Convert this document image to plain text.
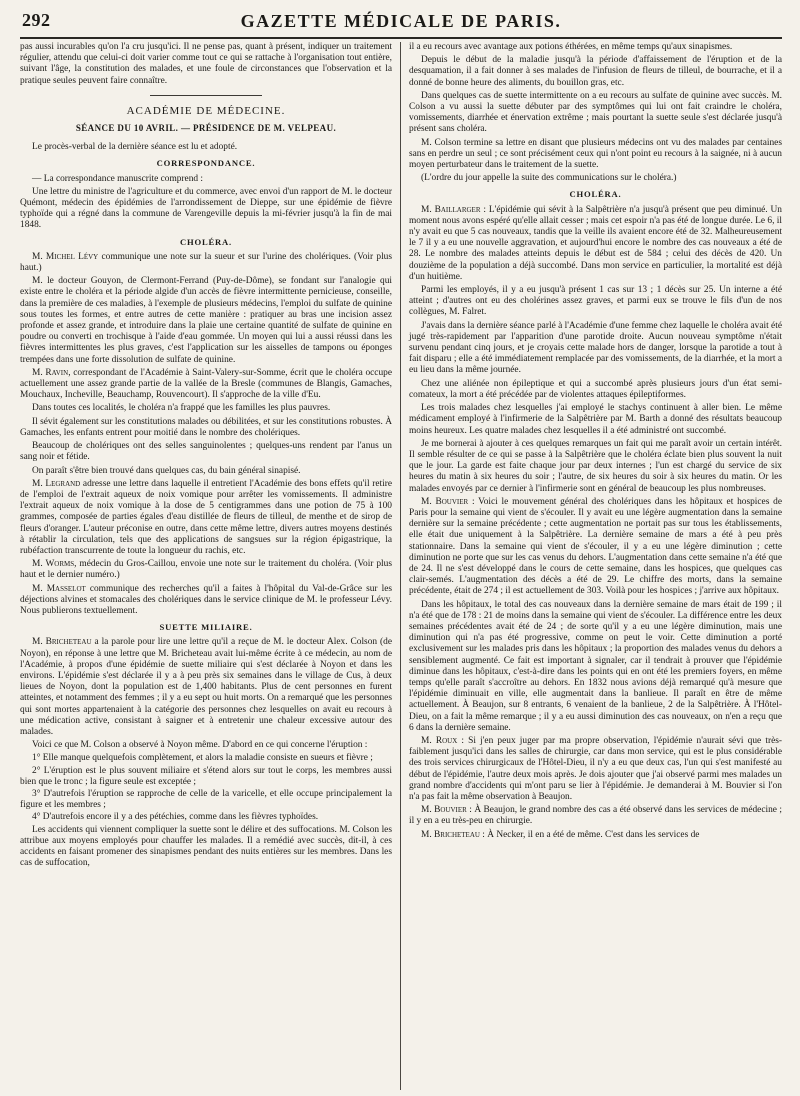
292	GAZETTE MÉDICALE DE PARIS.

pas aussi incurables qu'on l'a cru jusqu'ici. Il ne pense pas, quant à présent, indiquer un traitement régulier, attendu que celui-ci doit varier comme tout ce qui se rattache à l'organisation tout entière, suivant l'âge, la constitution des malades, et une foule de circonstances que l'observation et la pratique seules peuvent faire connaître.

ACADÉMIE DE MÉDECINE.
SÉANCE DU 10 AVRIL. — PRÉSIDENCE DE M. VELPEAU.

Le procès-verbal de la dernière séance est lu et adopté.

CORRESPONDANCE.

— La correspondance manuscrite comprend :

Une lettre du ministre de l'agriculture et du commerce, avec envoi d'un rapport de M. le docteur Quémont, médecin des épidémies de l'arrondissement de Dieppe, sur une épidémie de fièvre typhoïde qui a régné dans la commune de Varengeville depuis la mi-février jusqu'à la fin de mai 1848.

CHOLÉRA.

M. Michel Lévy communique une note sur la sueur et sur l'urine des cholériques. (Voir plus haut.)

M. le docteur Gouyon, de Clermont-Ferrand (Puy-de-Dôme), se fondant sur l'analogie qui existe entre le choléra et la période algide d'un accès de fièvre intermittente pernicieuse, conseille, dans la première de ces maladies, à l'exemple de plusieurs médecins, l'emploi du sulfate de quinine sous toutes les formes, et entre autres de cette manière : pratiquer au bras une incision assez profonde et assez grande, et introduire dans la plaie une certaine quantité de sulfate de quinine en poudre ou converti en trochisque à l'aide d'eau gommée. Un moyen qui lui a aussi réussi dans les fièvres intermittentes les plus graves, c'est l'application sur les aisselles de tampons ou éponges trempées dans une forte dissolution de sulfate de quinine.

M. Ravin, correspondant de l'Académie à Saint-Valery-sur-Somme, écrit que le choléra occupe actuellement une assez grande partie de la vallée de la Bresle (communes de Blangis, Gamaches, Mouchaux, Incheville, Beauchamp, Rouvencourt). Il s'approche de la ville d'Eu.

Dans toutes ces localités, le choléra n'a frappé que les familles les plus pauvres.

Il sévit également sur les constitutions malades ou débilitées, et sur les constitutions robustes. À Gamaches, les enfants entrent pour moitié dans le nombre des cholériques.

Beaucoup de cholériques ont des selles sanguinolentes ; quelques-uns rendent par l'anus un sang noir et fétide.

On paraît s'être bien trouvé dans quelques cas, du bain général sinapisé.

M. Legrand adresse une lettre dans laquelle il entretient l'Académie des bons effets qu'il retire de l'emploi de l'extrait aqueux de noix vomique pour arrêter les vomissements. Il administre l'extrait aqueux de noix vomique à la dose de 5 centigrammes dans une potion de 75 à 100 grammes, composée de parties égales d'eau distillée de fleurs de tilleul, de menthe et de sirop de fleurs d'oranger. L'auteur préconise en outre, dans cette même lettre, divers autres moyens destinés à rétablir la circulation, tels que des applications de sangsues sur la région épigastrique, la rubéfaction transcurrente de toute la longueur du rachis, etc.

M. Worms, médecin du Gros-Caillou, envoie une note sur le traitement du choléra. (Voir plus haut et le dernier numéro.)

M. Masselot communique des recherches qu'il a faites à l'hôpital du Val-de-Grâce sur les déjections alvines et stomacales des cholériques dans le service clinique de M. le professeur Lévy. Nous publierons textuellement.

SUETTE MILIAIRE.

M. Bricheteau a la parole pour lire une lettre qu'il a reçue de M. le docteur Alex. Colson (de Noyon), en réponse à une lettre que M. Bricheteau avait lui-même écrite à ce médecin, au nom de l'Académie, à propos d'une épidémie de suette miliaire qui s'est déclarée à Noyon et dans les environs. L'épidémie s'est déclarée il y a à peu près six semaines dans le village de Cus, à deux lieues de Noyon, dont la population est de 1,400 habitants. Plus de cent personnes en furent atteintes, et notamment des femmes ; il y a eu sept ou huit morts. On a remarqué que les personnes qui sont mortes appartenaient à la catégorie des personnes chez lesquelles on avait eu recours à une médication active, consistant à saigner et à entretenir une chaleur excessive autour des malades.

Voici ce que M. Colson a observé à Noyon même. D'abord en ce qui concerne l'éruption :

1° Elle manque quelquefois complètement, et alors la maladie consiste en sueurs et fièvre ;

2° L'éruption est le plus souvent miliaire et s'étend alors sur tout le corps, les membres aussi bien que le tronc ; la figure seule est exceptée ;

3° D'autrefois l'éruption se rapproche de celle de la varicelle, et elle occupe principalement la figure et les membres ;

4° D'autrefois encore il y a des pétéchies, comme dans les fièvres typhoïdes.

Les accidents qui viennent compliquer la suette sont le délire et des suffocations. M. Colson les attribue aux moyens employés pour chauffer les malades. Il a remédié avec succès, dit-il, à ces accidents en faisant promener des sinapismes pendant des nuits entières sur les membres. Dans les cas de suffocation,

il a eu recours avec avantage aux potions éthérées, en même temps qu'aux sinapismes.

Depuis le début de la maladie jusqu'à la période d'affaissement de l'éruption et de la desquamation, il a fait donner à ses malades de l'infusion de fleurs de tilleul, de bourrache, et il a donné de bonne heure des aliments, du bouillon gras, etc.

Dans quelques cas de suette intermittente on a eu recours au sulfate de quinine avec succès. M. Colson a vu aussi la suette débuter par des symptômes qui lui ont fait craindre le choléra, vomissements, diarrhée et énervation extrême ; mais pourtant la suette seule s'est déclarée jusqu'à présent sans choléra.

M. Colson termine sa lettre en disant que plusieurs médecins ont vu des malades par centaines sans en perdre un seul ; ce sont précisément ceux qui n'ont point eu recours à la saignée, ni à aucun moyen perturbateur dans le traitement de la suette.

(L'ordre du jour appelle la suite des communications sur le choléra.)

CHOLÉRA.

M. Baillarger : L'épidémie qui sévit à la Salpêtrière n'a jusqu'à présent que peu diminué. Un moment nous avons espéré qu'elle allait cesser ; mais cet espoir n'a pas été de longue durée. Le 6, il n'y avait eu que 5 cas nouveaux, tandis que la veille ils avaient encore été de 32. Malheureusement le 7 il y a eu une nouvelle aggravation, et aujourd'hui encore le nombre des cas nouveaux a été de 28. Le nombre des malades atteints depuis le début est de 584 ; celui des décès de 420. Un douzième de la population a déjà succombé. Dans mon service en particulier, la mortalité est déjà d'un huitième.

Parmi les employés, il y a eu jusqu'à présent 1 cas sur 13 ; 1 décès sur 25. Un interne a été atteint ; d'autres ont eu des cholérines assez graves, et parmi eux se trouve le fils d'un de nos collègues, M. Falret.

J'avais dans la dernière séance parlé à l'Académie d'une femme chez laquelle le choléra avait été jugé très-rapidement par l'apparition d'une parotide droite. Aucun nouveau symptôme n'était survenu pendant cinq jours, et je croyais cette malade hors de danger, lorsque la parotide a tout à fait disparu ; elle a été immédiatement remplacée par des vomissements, de la diarrhée, et la mort a eu lieu dans la même journée.

Chez une aliénée non épileptique et qui a succombé après plusieurs jours d'un état semi-comateux, la mort a été précédée par de violentes attaques épileptiformes.

Les trois malades chez lesquelles j'ai employé le stachys continuent à aller bien. Le même médicament employé à l'infirmerie de la Salpêtrière par M. Barth a donné des résultats beaucoup moins heureux. Les quatre malades chez lesquelles il a été administré ont succombé.

Je me bornerai à ajouter à ces quelques remarques un fait qui me paraît avoir un certain intérêt. Il semble résulter de ce qui se passe à la Salpêtrière que le choléra éclate bien plus souvent la nuit que le jour. La garde est faite chaque jour par deux internes ; l'un est chargé du service de six heures du matin à six heures du soir ; l'autre, de six heures du soir à six heures du matin. Or les malades envoyés par ce dernier à l'infirmerie sont en général de beaucoup les plus nombreuses.

M. Bouvier : Voici le mouvement général des cholériques dans les hôpitaux et hospices de Paris pour la semaine qui vient de s'écouler. Il y avait eu une légère augmentation dans la semaine dernière sur la semaine précédente ; cette augmentation ne portait pas sur tous les établissements, elle était due uniquement à la Salpêtrière. La dernière semaine de mars a été à peu près stationnaire. Dans la semaine qui vient de s'écouler, il y a eu une légère diminution ; cette diminution ne porte que sur les cas venus du dehors. L'augmentation dans cette semaine n'a été que de 24. Il ne s'est développé dans le cours de cette semaine, dans les hospices, que quelques cas clair-semés. L'augmentation des décès a été de 29. Le chiffre des morts, dans la semaine précédente, était de 274 ; il est actuellement de 303. Voilà pour les hospices ; j'arrive aux hôpitaux.

Dans les hôpitaux, le total des cas nouveaux dans la dernière semaine de mars était de 199 ; il n'a été que de 178 : 21 de moins dans la semaine qui vient de s'écouler. La différence entre les deux semaines précédentes avait été de 24 ; de sorte qu'il y a eu une légère diminution, mais une diminution qui n'a pas été progressive, comme on peut le voir. Cette diminution a porté exclusivement sur les malades pris dans les hôpitaux ; la proportion des malades venus du dehors a sensiblement augmenté. Ce fait est important à signaler, car il tendrait à prouver que l'épidémie diminue dans les hôpitaux, c'est-à-dire dans les points qui en ont été les premiers foyers, en même temps qu'elle paraît s'accroître au dehors. En 1832 nous avions déjà remarqué qu'à mesure que l'épidémie diminuait en ville, elle augmentait dans la banlieue. Il paraît en être de même actuellement. À Beaujon, sur 8 entrants, 6 venaient de la banlieue, 2 de la Salpêtrière. À l'Hôtel-Dieu, on a fait la même remarque ; il y a eu aussi diminution des cas nouveaux, on n'en a reçu que 6 dans la dernière semaine.

M. Roux : Si j'en peux juger par ma propre observation, l'épidémie n'aurait sévi que très-faiblement jusqu'ici dans les salles de chirurgie, car dans mon service, qui est le plus considérable des trois services chirurgicaux de l'Hôtel-Dieu, il n'y a eu que deux cas, l'un qui s'est manifesté au début de l'épidémie, l'autre deux mois après. Je dois ajouter que j'ai observé parmi mes malades un grand nombre d'accidents qui m'ont paru se lier à l'épidémie. Je demanderai à M. Bouvier si l'on n'a pas fait la même observation à Beaujon.

M. Bouvier : À Beaujon, le grand nombre des cas a été observé dans les services de médecine ; il y en a eu très-peu en chirurgie.

M. Bricheteau : À Necker, il en a été de même. C'est dans les services de
